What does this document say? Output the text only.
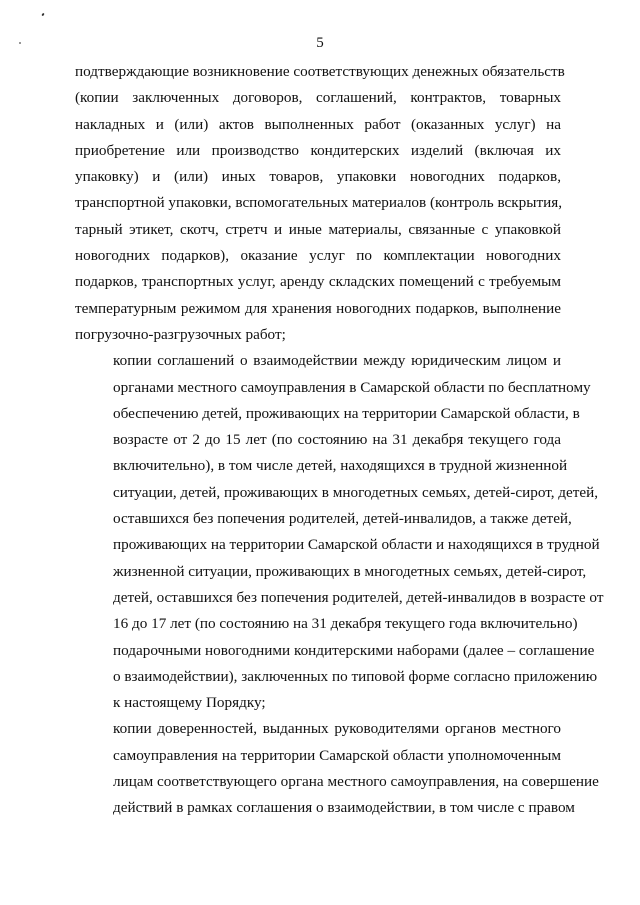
5

подтверждающие возникновение соответствующих денежных обязательств
(копии заключенных договоров, соглашений, контрактов, товарных
накладных и (или) актов выполненных работ (оказанных услуг) на
приобретение или производство кондитерских изделий (включая их
упаковку) и (или) иных товаров, упаковки новогодних подарков,
транспортной упаковки, вспомогательных материалов (контроль вскрытия,
тарный этикет, скотч, стретч и иные материалы, связанные с упаковкой
новогодних подарков), оказание услуг по комплектации новогодних
подарков, транспортных услуг, аренду складских помещений с требуемым
температурным режимом для хранения новогодних подарков, выполнение
погрузочно-разгрузочных работ;

копии соглашений о взаимодействии между юридическим лицом и
органами местного самоуправления в Самарской области по бесплатному
обеспечению детей, проживающих на территории Самарской области, в
возрасте от 2 до 15 лет (по состоянию на 31 декабря текущего года
включительно), в том числе детей, находящихся в трудной жизненной
ситуации, детей, проживающих в многодетных семьях, детей-сирот, детей,
оставшихся без попечения родителей, детей-инвалидов, а также детей,
проживающих на территории Самарской области и находящихся в трудной
жизненной ситуации, проживающих в многодетных семьях, детей-сирот,
детей, оставшихся без попечения родителей, детей-инвалидов в возрасте от
16 до 17 лет (по состоянию на 31 декабря текущего года включительно)
подарочными новогодними кондитерскими наборами (далее – соглашение
о взаимодействии), заключенных по типовой форме согласно приложению
к настоящему Порядку;

копии доверенностей, выданных руководителями органов местного
самоуправления на территории Самарской области уполномоченным
лицам соответствующего органа местного самоуправления, на совершение
действий в рамках соглашения о взаимодействии, в том числе с правом
